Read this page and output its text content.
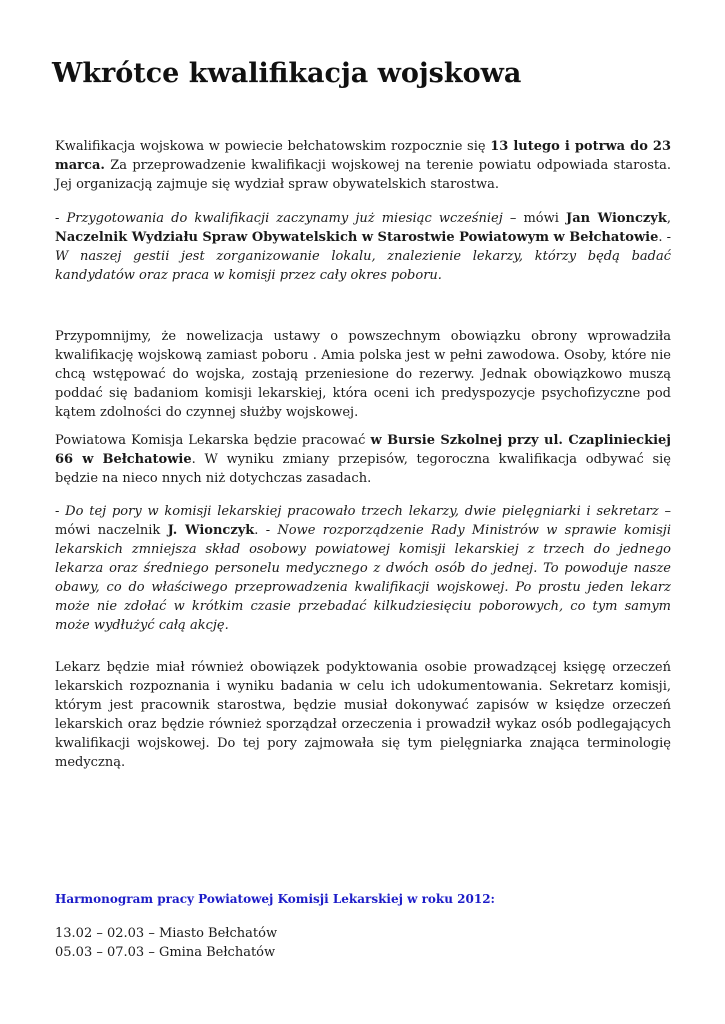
Wkrótce kwalifikacja wojskowa

Kwalifikacja wojskowa w powiecie bełchatowskim rozpocznie się 13 lutego i potrwa do 23 marca. Za przeprowadzenie kwalifikacji wojskowej na terenie powiatu odpowiada starosta. Jej organizacją zajmuje się wydział spraw obywatelskich starostwa.

- Przygotowania do kwalifikacji zaczynamy już miesiąc wcześniej – mówi Jan Wionczyk, Naczelnik Wydziału Spraw Obywatelskich w Starostwie Powiatowym w Bełchatowie. - W naszej gestii jest zorganizowanie lokalu, znalezienie lekarzy, którzy będą badać kandydatów oraz praca w komisji przez cały okres poboru.

Przypomnijmy, że nowelizacja ustawy o powszechnym obowiązku obrony wprowadziła kwalifikację wojskową zamiast poboru . Amia polska jest w pełni zawodowa. Osoby, które nie chcą wstępować do wojska, zostają przeniesione do rezerwy. Jednak obowiązkowo muszą poddać się badaniom komisji lekarskiej, która oceni ich predyspozycje psychofizyczne pod kątem zdolności do czynnej służby wojskowej.

Powiatowa Komisja Lekarska będzie pracować w Bursie Szkolnej przy ul. Czaplinieckiej 66 w Bełchatowie. W wyniku zmiany przepisów, tegoroczna kwalifikacja odbywać się będzie na nieco nnych niż dotychczas zasadach.

- Do tej pory w komisji lekarskiej pracowało trzech lekarzy, dwie pielęgniarki i sekretarz – mówi naczelnik J. Wionczyk. - Nowe rozporządzenie Rady Ministrów w sprawie komisji lekarskich zmniejsza skład osobowy powiatowej komisji lekarskiej z trzech do jednego lekarza oraz średniego personelu medycznego z dwóch osób do jednej. To powoduje nasze obawy, co do właściwego przeprowadzenia kwalifikacji wojskowej. Po prostu jeden lekarz może nie zdołać w krótkim czasie przebadać kilkudziesięciu poborowych, co tym samym może wydłużyć całą akcję.

Lekarz będzie miał również obowiązek podyktowania osobie prowadzącej księgę orzeczeń lekarskich rozpoznania i wyniku badania w celu ich udokumentowania. Sekretarz komisji, którym jest pracownik starostwa, będzie musiał dokonywać zapisów w księdze orzeczeń lekarskich oraz będzie również sporządzał orzeczenia i prowadził wykaz osób podlegających kwalifikacji wojskowej. Do tej pory zajmowała się tym pielęgniarka znająca terminologię medyczną.

Harmonogram pracy Powiatowej Komisji Lekarskiej w roku 2012:

13.02 – 02.03 – Miasto Bełchatów
05.03 – 07.03 – Gmina Bełchatów
